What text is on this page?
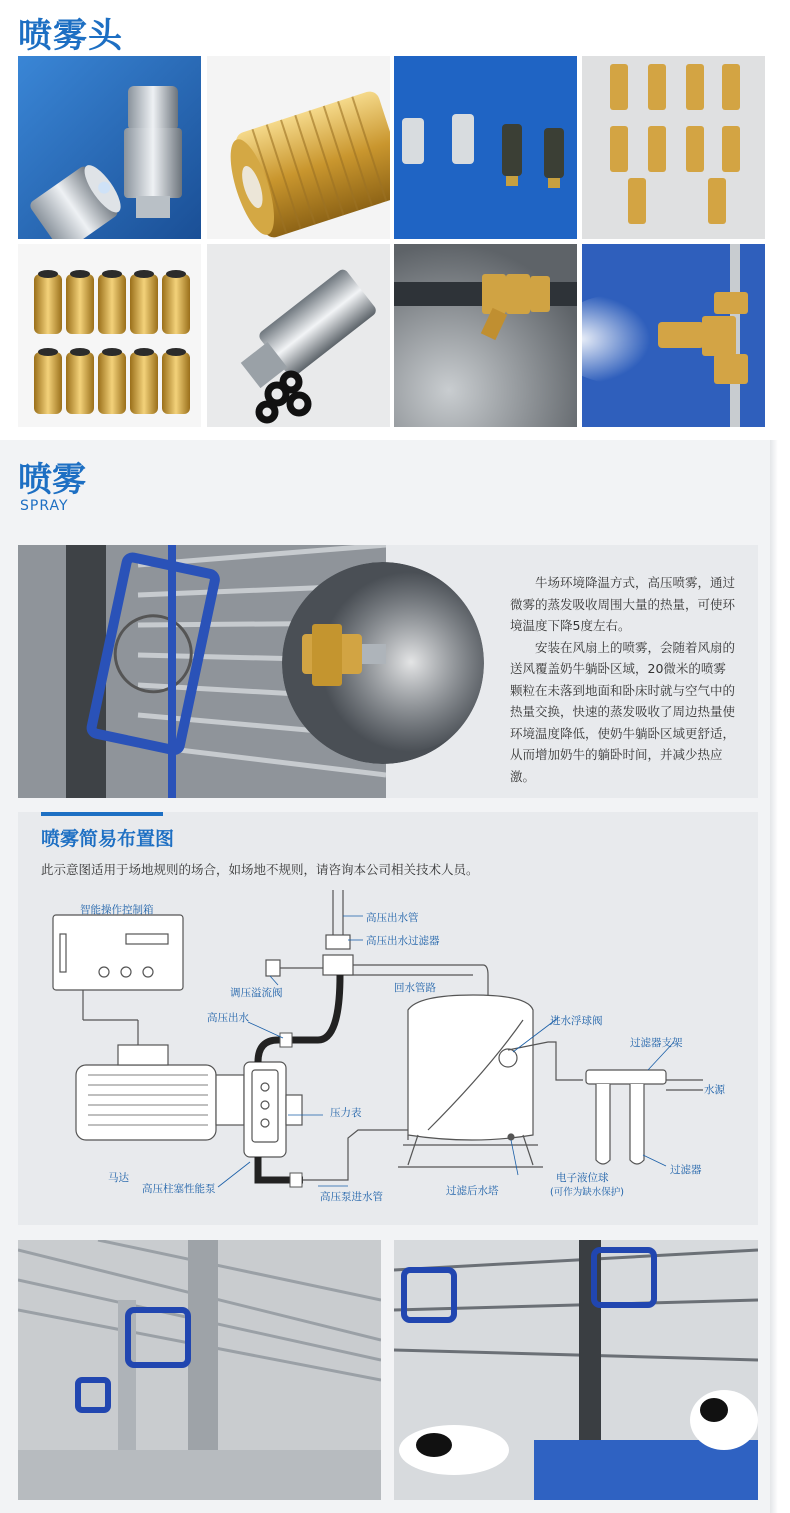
喷雾头
喷雾
SPRAY

牛场环境降温方式，高压喷雾，通过微雾的蒸发吸收周围大量的热量，可使环境温度下降5度左右。

安装在风扇上的喷雾，会随着风扇的送风覆盖奶牛躺卧区域，20微米的喷雾颗粒在未落到地面和卧床时就与空气中的热量交换，快速的蒸发吸收了周边热量使环境温度降低，使奶牛躺卧区域更舒适，从而增加奶牛的躺卧时间，并减少热应激。

喷雾简易布置图
此示意图适用于场地规则的场合，如场地不规则，请咨询本公司相关技术人员。
智能操作控制箱
高压出水管
高压出水过滤器
调压溢流阀	回水管路
高压出水	进水浮球阀
过滤器支架
水源
压力表
马达
高压柱塞性能泵
高压泵进水管	过滤后水塔
电子液位球
(可作为缺水保护)
过滤器
